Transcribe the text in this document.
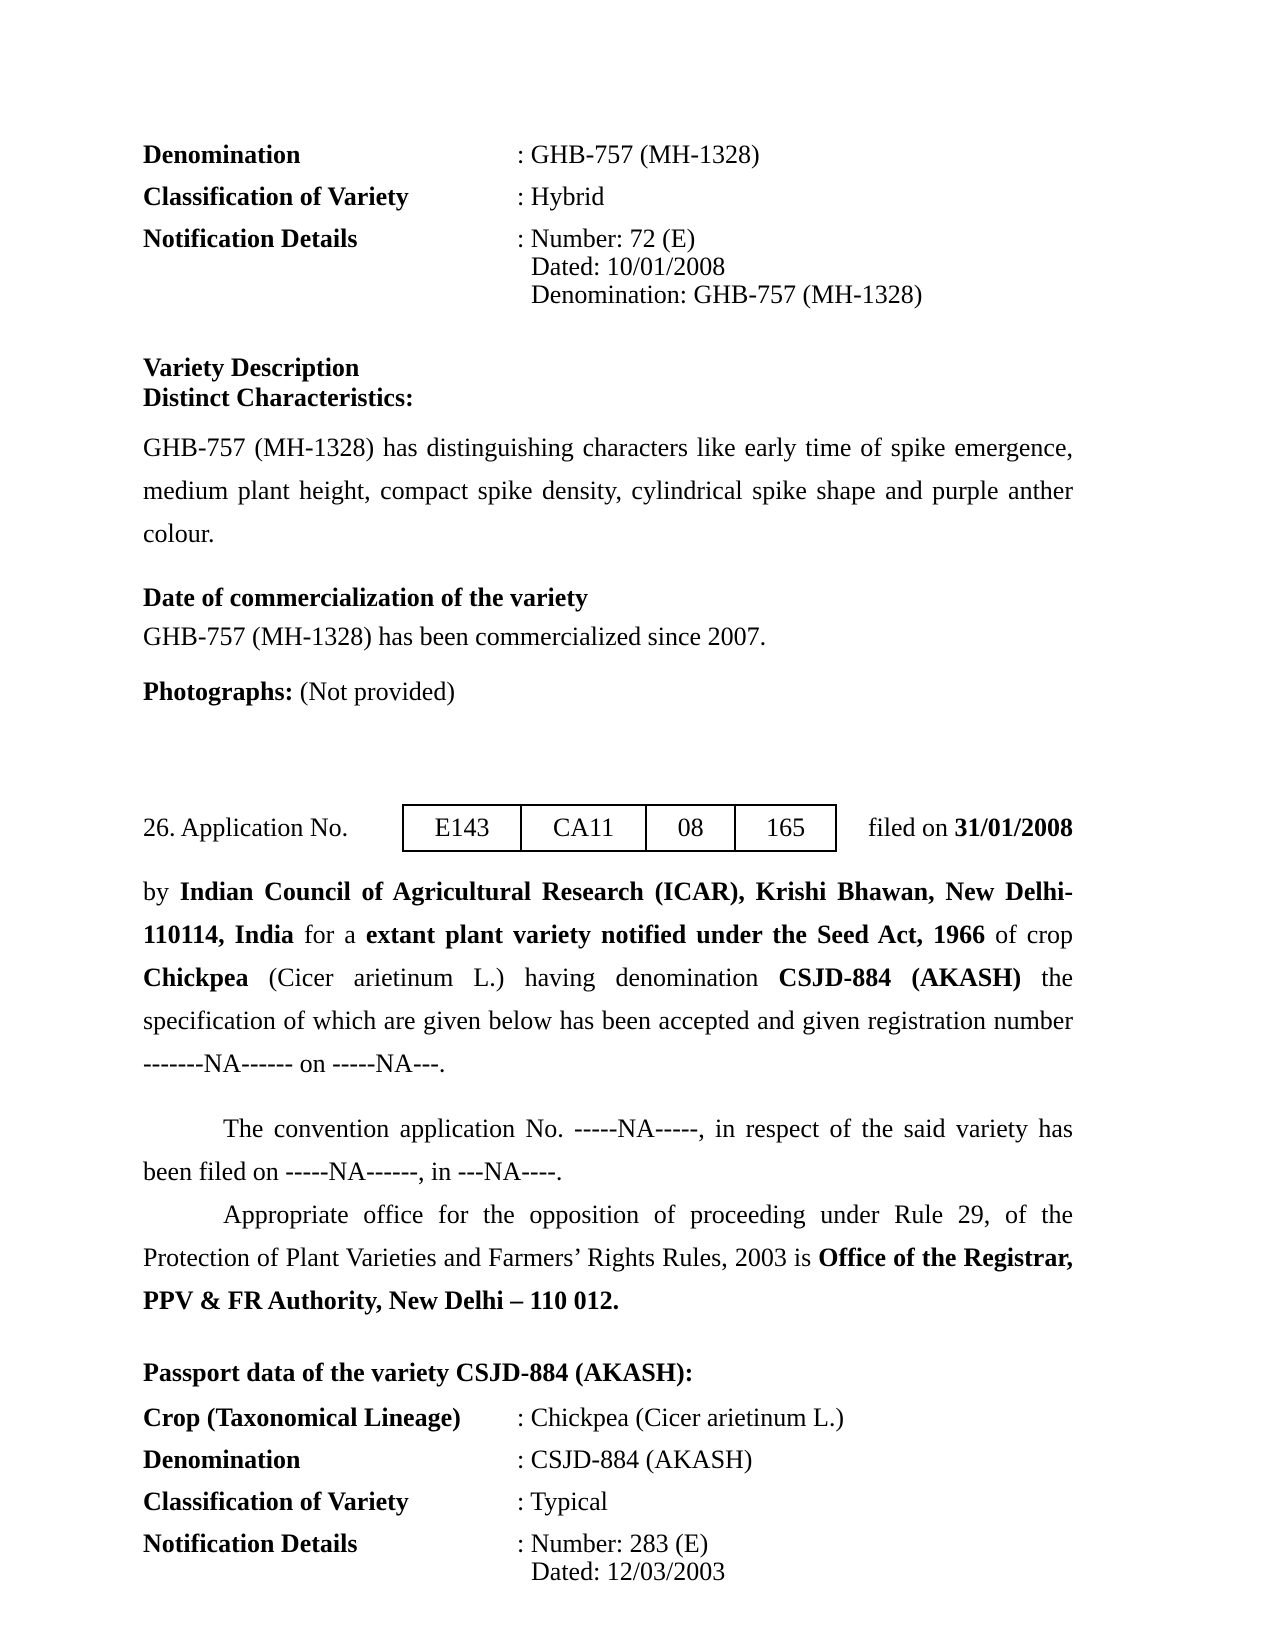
Denomination	: GHB-757 (MH-1328)
Classification of Variety	: Hybrid
Notification Details	: Number: 72 (E)
Dated: 10/01/2008
Denomination: GHB-757 (MH-1328)
Variety Description
Distinct Characteristics:

GHB-757 (MH-1328) has distinguishing characters like early time of spike emergence, medium plant height, compact spike density, cylindrical spike shape and purple anther colour.

Date of commercialization of the variety

GHB-757 (MH-1328) has been commercialized since 2007.

Photographs: (Not provided)

26. Application No.	E143	CA11	08	165	filed on 31/01/2008

by Indian Council of Agricultural Research (ICAR), Krishi Bhawan, New Delhi-110114, India for a extant plant variety notified under the Seed Act, 1966 of crop Chickpea (Cicer arietinum L.) having denomination CSJD-884 (AKASH) the specification of which are given below has been accepted and given registration number -------NA------ on -----NA---.

The convention application No. -----NA-----, in respect of the said variety has been filed on -----NA------, in ---NA----.

Appropriate office for the opposition of proceeding under Rule 29, of the Protection of Plant Varieties and Farmers’ Rights Rules, 2003 is Office of the Registrar, PPV & FR Authority, New Delhi – 110 012.

Passport data of the variety CSJD-884 (AKASH):
Crop (Taxonomical Lineage)	: Chickpea (Cicer arietinum L.)
Denomination	: CSJD-884 (AKASH)
Classification of Variety	: Typical
Notification Details	: Number: 283 (E)
Dated: 12/03/2003
